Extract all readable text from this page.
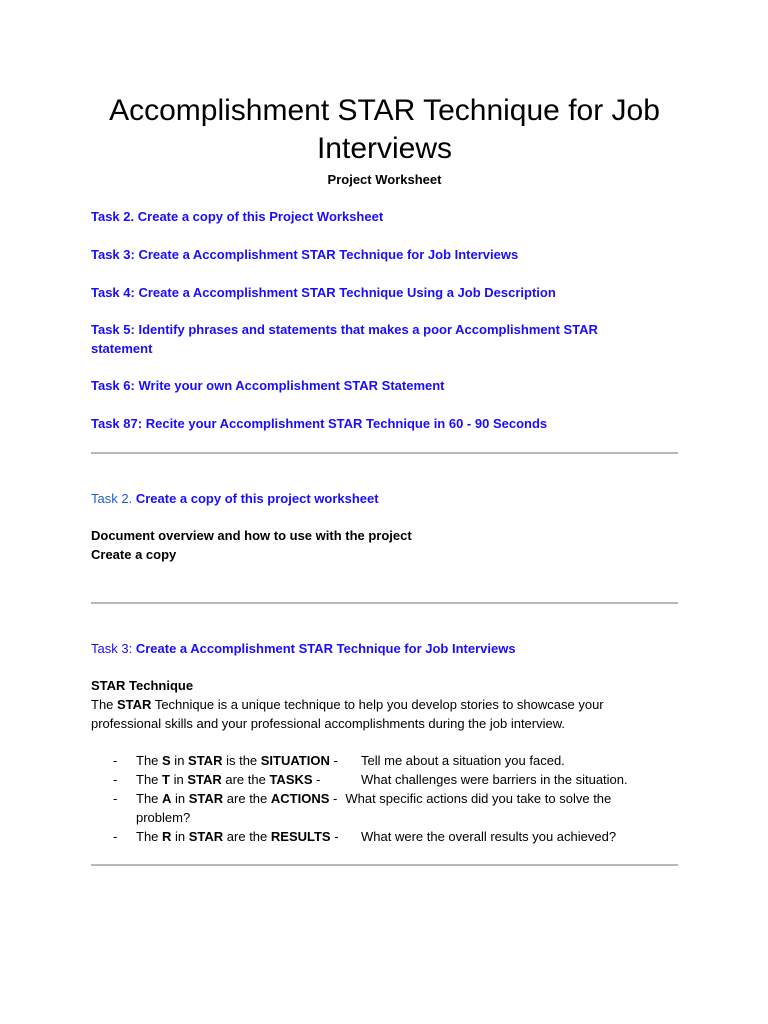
Accomplishment STAR Technique for Job Interviews

Project Worksheet

Task 2. Create a copy of this Project Worksheet
Task 3: Create a Accomplishment STAR Technique for Job Interviews
Task 4: Create a Accomplishment STAR Technique Using a Job Description
Task 5: Identify phrases and statements that makes a poor Accomplishment STAR statement
Task 6: Write your own Accomplishment STAR Statement
Task 87: Recite your Accomplishment STAR Technique in 60 - 90 Seconds
Task 2. Create a copy of this project worksheet

Document overview and how to use with the project

Create a copy

Task 3: Create a Accomplishment STAR Technique for Job Interviews

STAR Technique

The STAR Technique is a unique technique to help you develop stories to showcase your professional skills and your professional accomplishments during the job interview.

- The S in STAR is the SITUATION - Tell me about a situation you faced.
- The T in STAR are the TASKS -	What challenges were barriers in the situation.
- The A in STAR are the ACTIONS - What specific actions did you take to solve the problem?
- The R in STAR are the RESULTS - What were the overall results you achieved?
